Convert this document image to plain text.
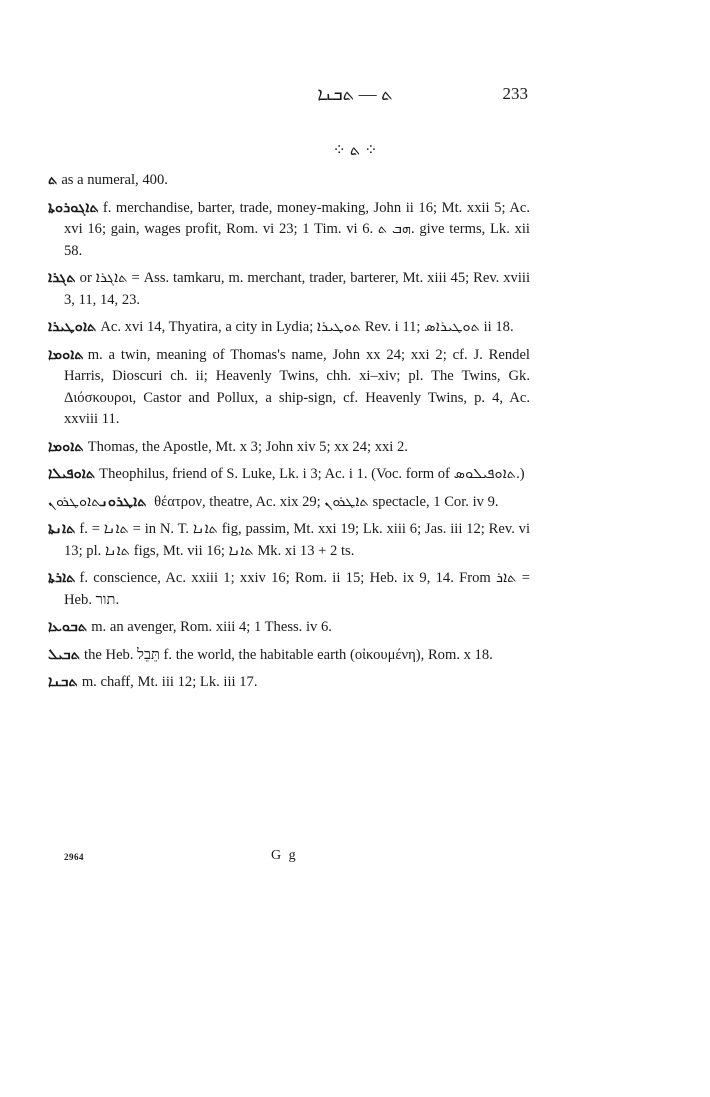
ܬ — ܬܒܢܐ	233
⁘ ܬ ⁘

ܬ as a numeral, 400.

ܬܐܓܘܪܘܬܐ f. merchandise, barter, trade, money-making, John ii 16; Mt. xxii 5; Ac. xvi 16; gain, wages profit, Rom. vi 23; 1 Tim. vi 6. ܗܒ ܬ. give terms, Lk. xii 58.

ܬܓܪܐ or ܬܐܓܪܐ = Ass. tamkaru, m. merchant, trader, barterer, Mt. xiii 45; Rev. xviii 3, 11, 14, 23.

ܬܐܘܛܝܪܐ Ac. xvi 14, Thyatira, a city in Lydia; ܬܘܛܝܪܐ Rev. i 11; ܬܘܛܝܪܐܣ ii 18.

ܬܐܘܡܐ m. a twin, meaning of Thomas's name, John xx 24; xxi 2; cf. J. Rendel Harris, Dioscuri ch. ii; Heavenly Twins, chh. xi–xiv; pl. The Twins, Gk. Διόσκουροι, Castor and Pollux, a ship-sign, cf. Heavenly Twins, p. 4, Ac. xxviii 11.

ܬܐܘܡܐ Thomas, the Apostle, Mt. x 3; John xiv 5; xx 24; xxi 2.

ܬܐܘܦܝܠܐ Theophilus, friend of S. Luke, Lk. i 3; Ac. i 1. (Voc. form of ܬܐܘܦܝܠܘܣ.)

ܬܐܛܪܘܢܬܐܘܛܪܘܢ θέατρον, theatre, Ac. xix 29; ܬܐܛܪܘܢ spectacle, 1 Cor. iv 9.

ܬܐܢܬܐ f. = ܬܐܢܐ = in N. T. ܬܐܢܐ fig, passim, Mt. xxi 19; Lk. xiii 6; Jas. iii 12; Rev. vi 13; pl. ܬܐܢܐ figs, Mt. vii 16; ܬܐܢܐ Mk. xi 13 + 2 ts.

ܬܐܪܬܐ f. conscience, Ac. xxiii 1; xxiv 16; Rom. ii 15; Heb. ix 9, 14. From ܬܐܪ = Heb. תור.

ܬܒܘܥܐ m. an avenger, Rom. xiii 4; 1 Thess. iv 6.

ܬܒܝܠ the Heb. תֵּבֵל f. the world, the habitable earth (οἰκουμένη), Rom. x 18.

ܬܒܢܐ m. chaff, Mt. iii 12; Lk. iii 17.

2964	G g
